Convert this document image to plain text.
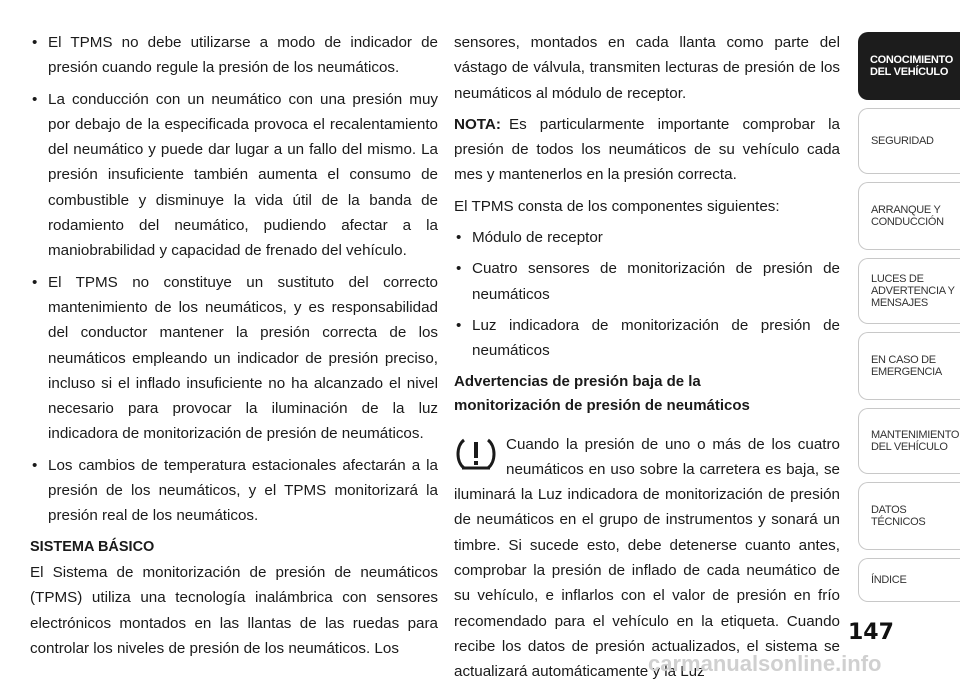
• El TPMS no debe utilizarse a modo de indicador de presión cuando regule la presión de los neumáticos.
• La conducción con un neumático con una presión muy por debajo de la especificada provoca el recalentamiento del neumático y puede dar lugar a un fallo del mismo. La presión insuficiente también aumenta el consumo de combustible y disminuye la vida útil de la banda de rodamiento del neumático, pudiendo afectar a la maniobrabilidad y capacidad de frenado del vehículo.
• El TPMS no constituye un sustituto del correcto mantenimiento de los neumáticos, y es responsabilidad del conductor mantener la presión correcta de los neumáticos empleando un indicador de presión preciso, incluso si el inflado insuficiente no ha alcanzado el nivel necesario para provocar la iluminación de la luz indicadora de monitorización de presión de neumáticos.
• Los cambios de temperatura estacionales afectarán a la presión de los neumáticos, y el TPMS monitorizará la presión real de los neumáticos.
SISTEMA BÁSICO

El Sistema de monitorización de presión de neumáticos (TPMS) utiliza una tecnología inalámbrica con sensores electrónicos montados en las llantas de las ruedas para controlar los niveles de presión de los neumáticos. Los

sensores, montados en cada llanta como parte del vástago de válvula, transmiten lecturas de presión de los neumáticos al módulo de receptor.

NOTA: Es particularmente importante comprobar la presión de todos los neumáticos de su vehículo cada mes y mantenerlos en la presión correcta.

El TPMS consta de los componentes siguientes:

• Módulo de receptor
• Cuatro sensores de monitorización de presión de neumáticos
• Luz indicadora de monitorización de presión de neumáticos
Advertencias de presión baja de la
monitorización de presión de neumáticos

Cuando la presión de uno o más de los cuatro neumáticos en uso sobre la carretera es baja, se iluminará la Luz indicadora de monitorización de presión de neumáticos en el grupo de instrumentos y sonará un timbre. Si sucede esto, debe detenerse cuanto antes, comprobar la presión de inflado de cada neumático de su vehículo, e inflarlos con el valor de presión en frío recomendado para el vehículo en la etiqueta. Cuando recibe los datos de presión actualizados, el sistema se actualizará automáticamente y la Luz

CONOCIMIENTO
DEL VEHÍCULO
SEGURIDAD
ARRANQUE Y
CONDUCCIÓN
LUCES DE
ADVERTENCIA Y
MENSAJES
EN CASO DE
EMERGENCIA
MANTENIMIENTO
DEL VEHÍCULO
DATOS
TÉCNICOS
ÍNDICE
147
carmanualsonline.info
